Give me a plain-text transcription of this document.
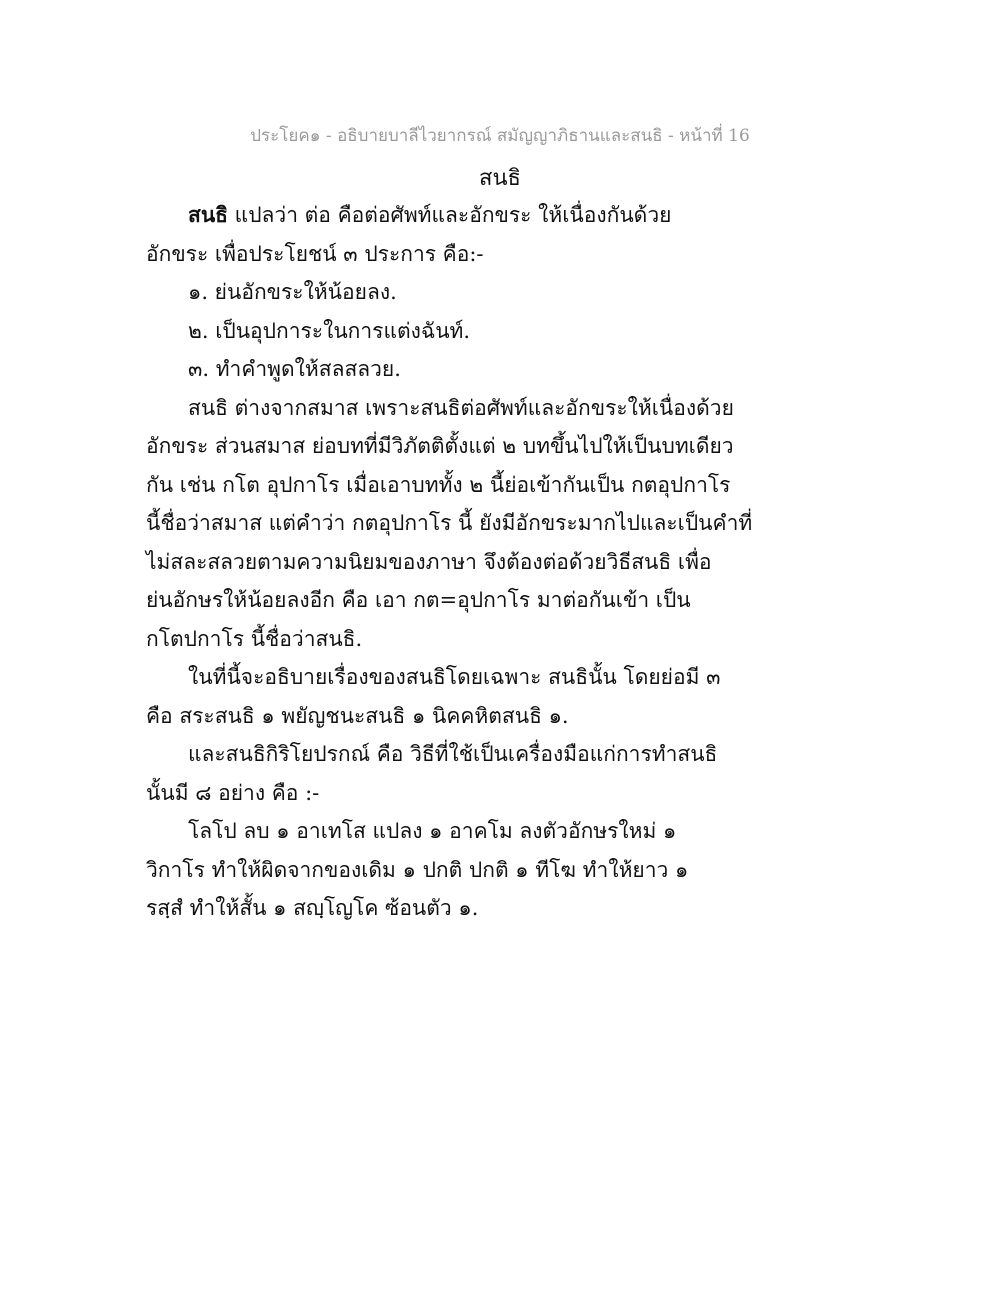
ประโยค๑ - อธิบายบาลีไวยากรณ์ สมัญญาภิธานและสนธิ - หน้าที่ 16
สนธิ
สนธิ แปลว่า ต่อ คือต่อศัพท์และอักขระ ให้เนื่องกันด้วย
อักขระ เพื่อประโยชน์ ๓ ประการ คือ:-
๑. ย่นอักขระให้น้อยลง.
๒. เป็นอุปการะในการแต่งฉันท์.
๓. ทำคำพูดให้สลสลวย.
สนธิ ต่างจากสมาส เพราะสนธิต่อศัพท์และอักขระให้เนื่องด้วย
อักขระ ส่วนสมาส ย่อบทที่มีวิภัตติตั้งแต่ ๒ บทขึ้นไปให้เป็นบทเดียว
กัน เช่น กโต อุปกาโร เมื่อเอาบททั้ง ๒ นี้ย่อเข้ากันเป็น กตอุปกาโร
นี้ชื่อว่าสมาส แต่คำว่า กตอุปกาโร นี้ ยังมีอักขระมากไปและเป็นคำที่
ไม่สละสลวยตามความนิยมของภาษา จึงต้องต่อด้วยวิธีสนธิ เพื่อ
ย่นอักษรให้น้อยลงอีก คือ เอา กต=อุปกาโร มาต่อกันเข้า เป็น
กโตปกาโร นี้ชื่อว่าสนธิ.
ในที่นี้จะอธิบายเรื่องของสนธิโดยเฉพาะ สนธินั้น โดยย่อมี ๓
คือ สระสนธิ ๑ พยัญชนะสนธิ ๑ นิคคหิตสนธิ ๑.
และสนธิกิริโยปรกณ์ คือ วิธีที่ใช้เป็นเครื่องมือแก่การทำสนธิ
นั้นมี ๘ อย่าง คือ :-
โลโป ลบ ๑ อาเทโส แปลง ๑ อาคโม ลงตัวอักษรใหม่ ๑
วิกาโร ทำให้ผิดจากของเดิม ๑ ปกติ ปกติ ๑ ทีโฆ ทำให้ยาว ๑
รสฺสํ ทำให้สั้น ๑ สญฺโญโค ซ้อนตัว ๑.
